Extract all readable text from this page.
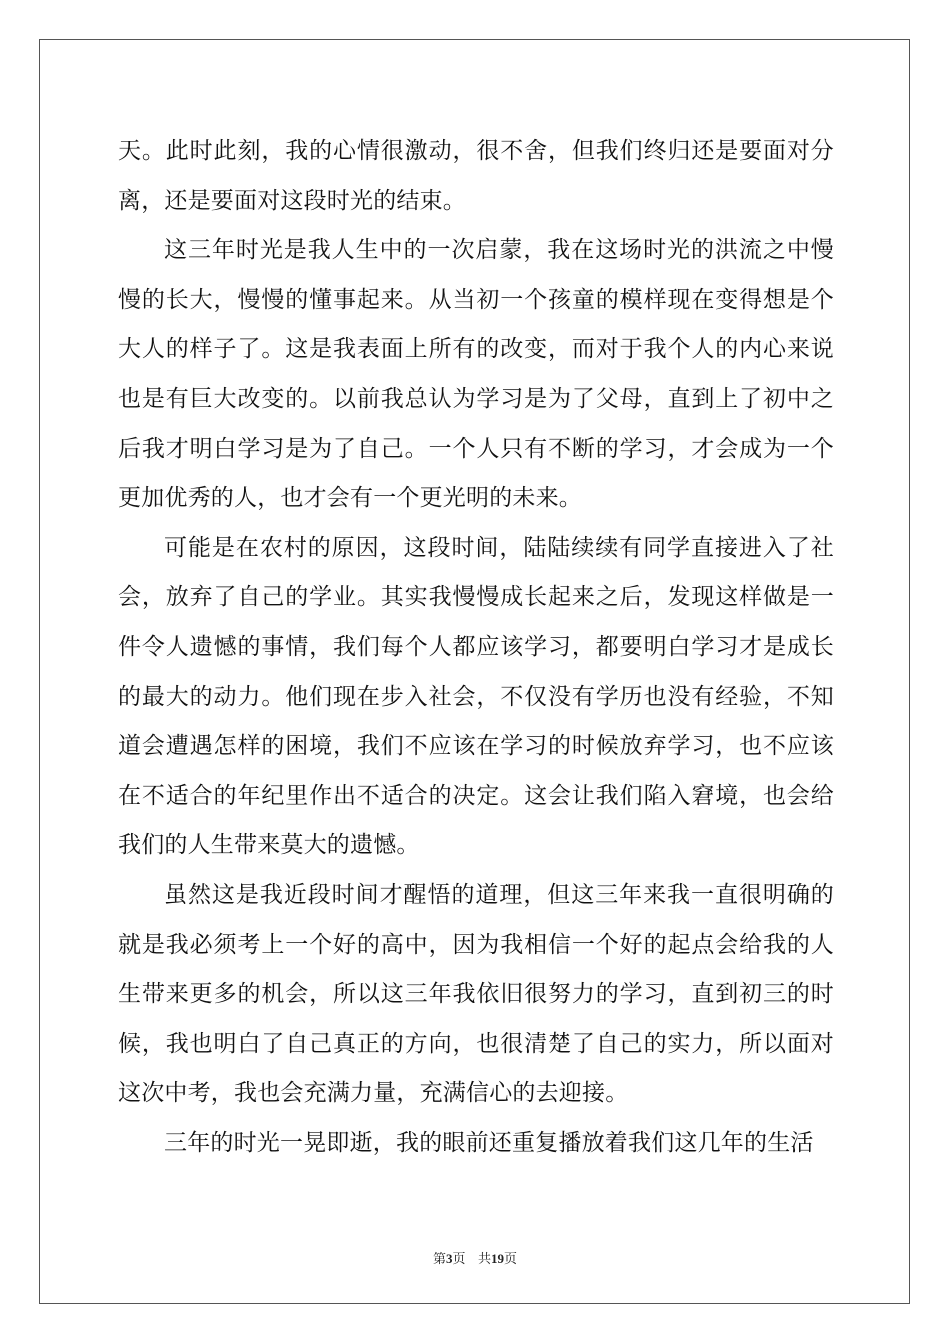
天。此时此刻，我的心情很激动，很不舍，但我们终归还是要面对分离，还是要面对这段时光的结束。

这三年时光是我人生中的一次启蒙，我在这场时光的洪流之中慢慢的长大，慢慢的懂事起来。从当初一个孩童的模样现在变得想是个大人的样子了。这是我表面上所有的改变，而对于我个人的内心来说也是有巨大改变的。以前我总认为学习是为了父母，直到上了初中之后我才明白学习是为了自己。一个人只有不断的学习，才会成为一个更加优秀的人，也才会有一个更光明的未来。

可能是在农村的原因，这段时间，陆陆续续有同学直接进入了社会，放弃了自己的学业。其实我慢慢成长起来之后，发现这样做是一件令人遗憾的事情，我们每个人都应该学习，都要明白学习才是成长的最大的动力。他们现在步入社会，不仅没有学历也没有经验，不知道会遭遇怎样的困境，我们不应该在学习的时候放弃学习，也不应该在不适合的年纪里作出不适合的决定。这会让我们陷入窘境，也会给我们的人生带来莫大的遗憾。

虽然这是我近段时间才醒悟的道理，但这三年来我一直很明确的就是我必须考上一个好的高中，因为我相信一个好的起点会给我的人生带来更多的机会，所以这三年我依旧很努力的学习，直到初三的时候，我也明白了自己真正的方向，也很清楚了自己的实力，所以面对这次中考，我也会充满力量，充满信心的去迎接。

三年的时光一晃即逝，我的眼前还重复播放着我们这几年的生活

第3页 共19页
